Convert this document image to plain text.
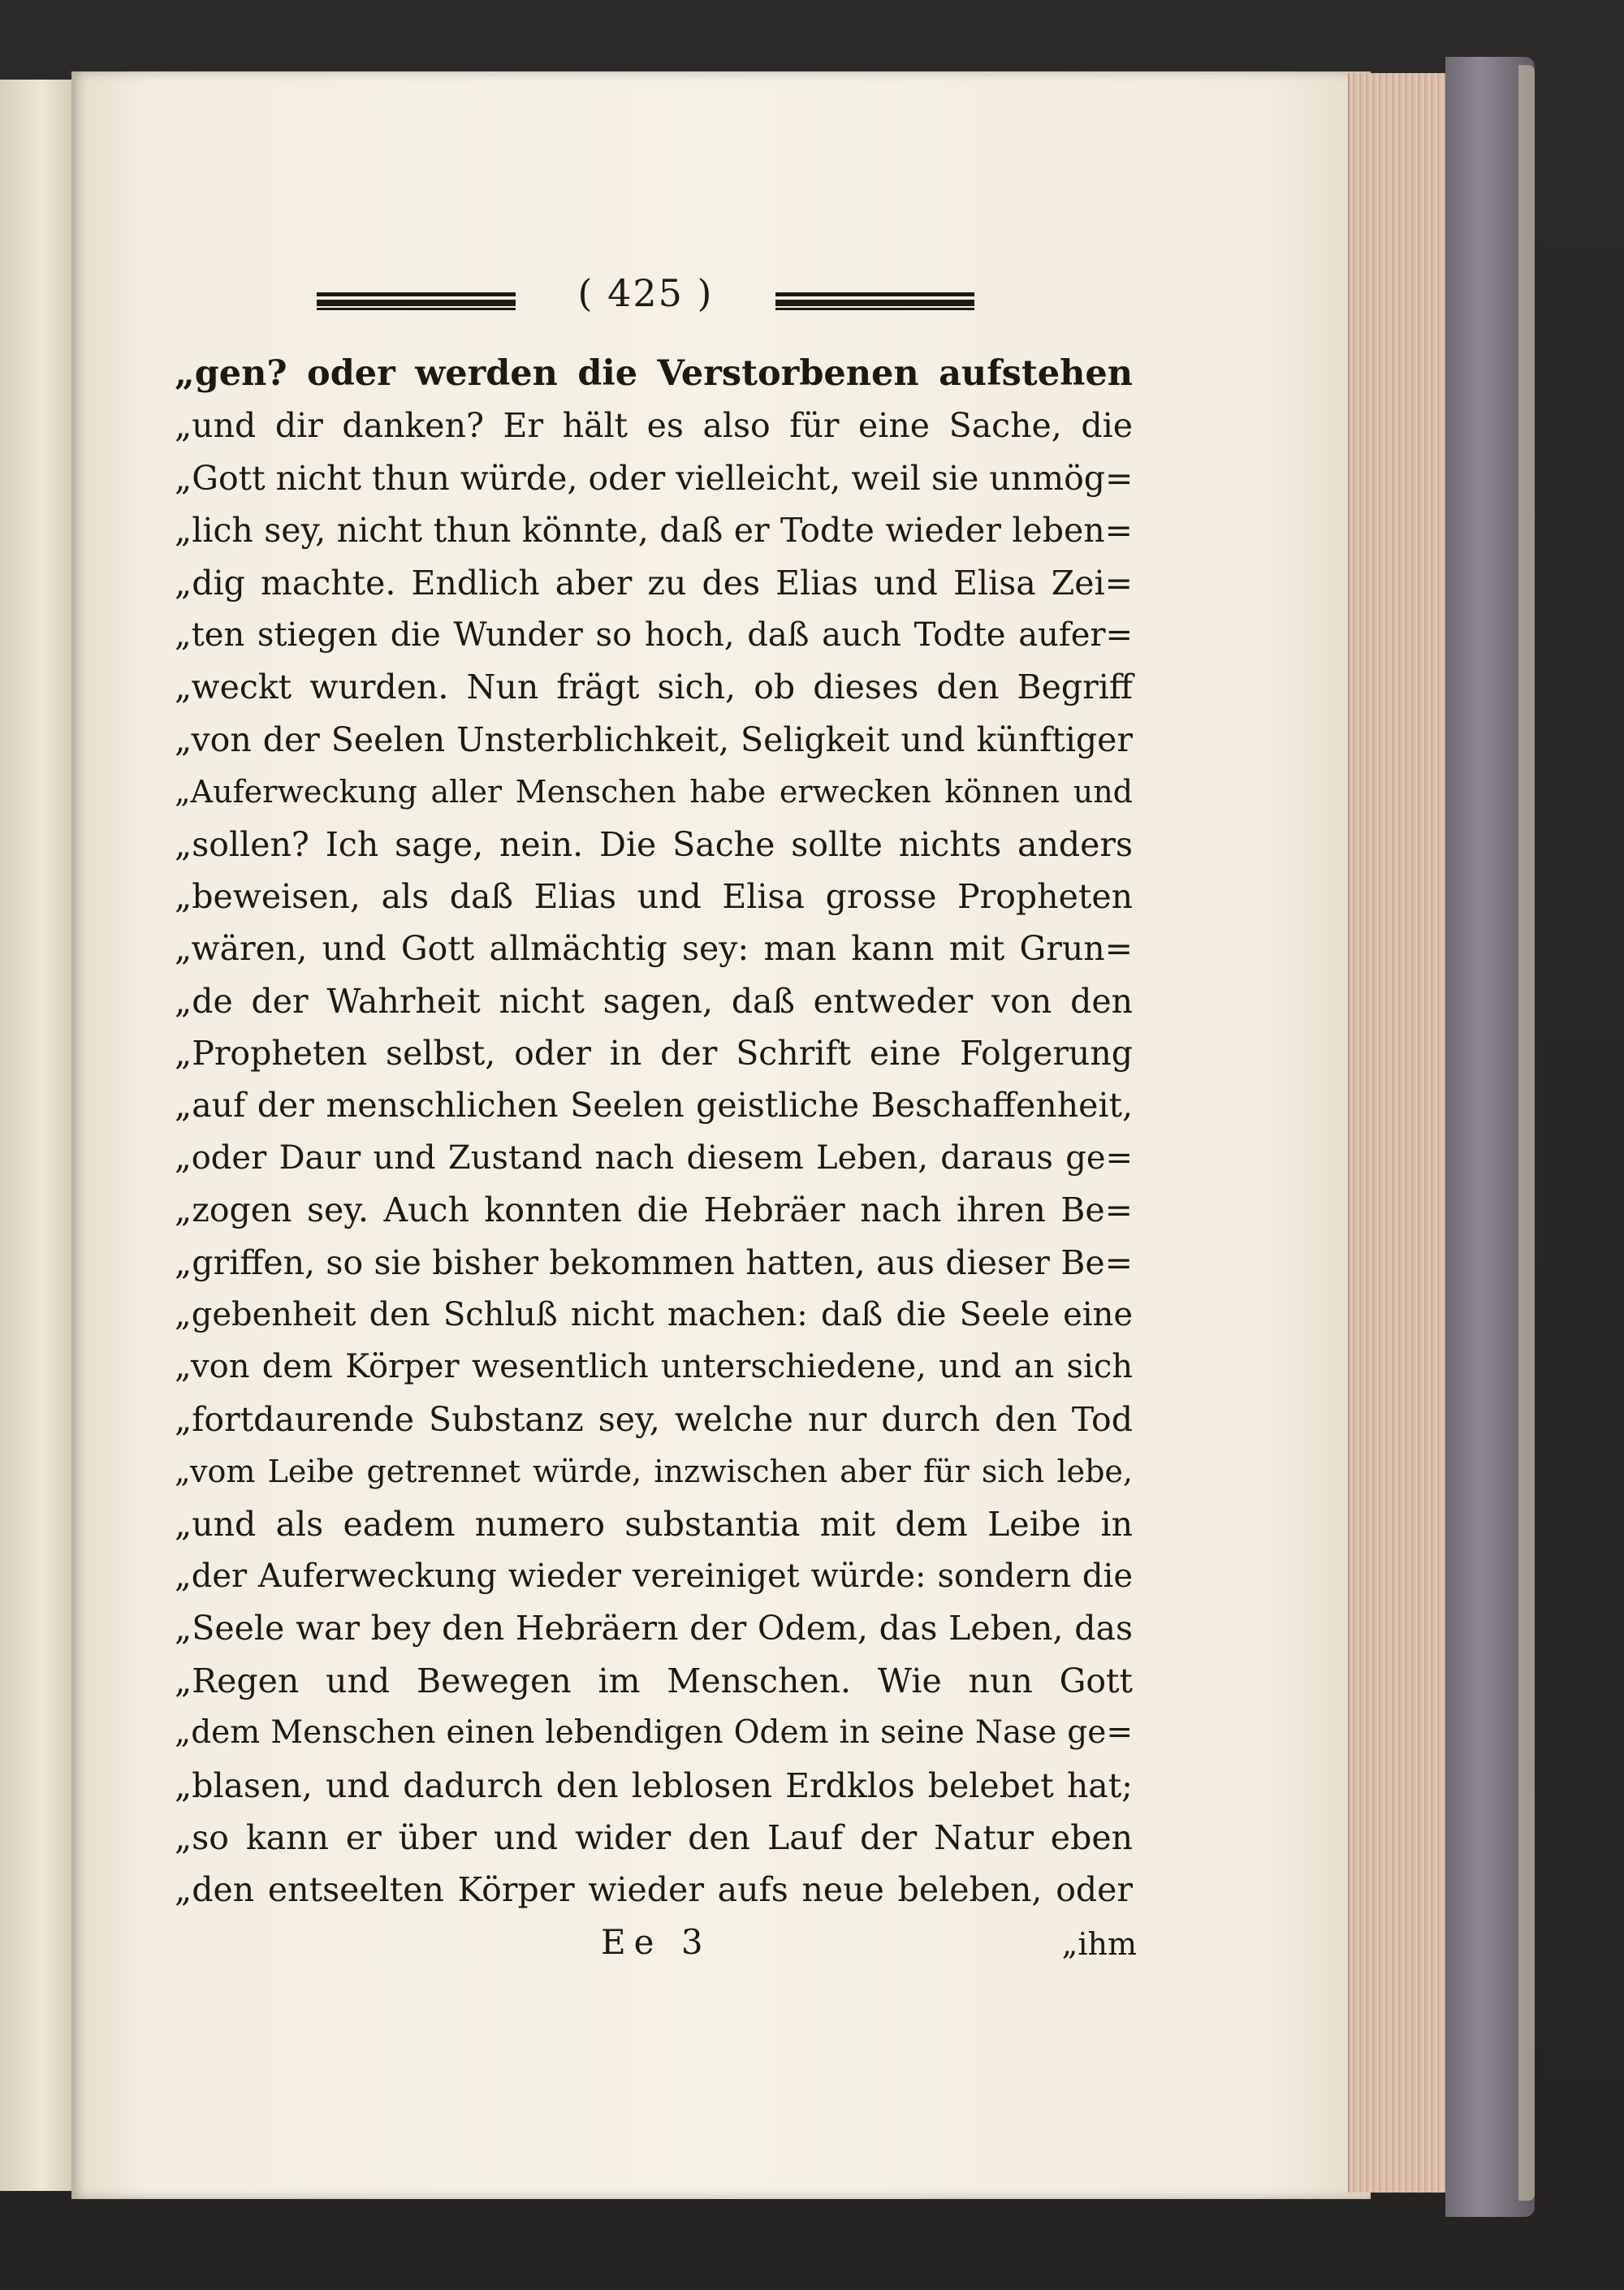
( 425 )
„gen? oder werden die Verstorbenen aufstehen
„und dir danken? Er hält es also für eine Sache, die
„Gott nicht thun würde, oder vielleicht, weil sie unmög=
„lich sey, nicht thun könnte, daß er Todte wieder leben=
„dig machte. Endlich aber zu des Elias und Elisa Zei=
„ten stiegen die Wunder so hoch, daß auch Todte aufer=
„weckt wurden. Nun frägt sich, ob dieses den Begriff
„von der Seelen Unsterblichkeit, Seligkeit und künftiger
„Auferweckung aller Menschen habe erwecken können und
„sollen? Ich sage, nein. Die Sache sollte nichts anders
„beweisen, als daß Elias und Elisa grosse Propheten
„wären, und Gott allmächtig sey: man kann mit Grun=
„de der Wahrheit nicht sagen, daß entweder von den
„Propheten selbst, oder in der Schrift eine Folgerung
„auf der menschlichen Seelen geistliche Beschaffenheit,
„oder Daur und Zustand nach diesem Leben, daraus ge=
„zogen sey. Auch konnten die Hebräer nach ihren Be=
„griffen, so sie bisher bekommen hatten, aus dieser Be=
„gebenheit den Schluß nicht machen: daß die Seele eine
„von dem Körper wesentlich unterschiedene, und an sich
„fortdaurende Substanz sey, welche nur durch den Tod
„vom Leibe getrennet würde, inzwischen aber für sich lebe,
„und als eadem numero substantia mit dem Leibe in
„der Auferweckung wieder vereiniget würde: sondern die
„Seele war bey den Hebräern der Odem, das Leben, das
„Regen und Bewegen im Menschen. Wie nun Gott
„dem Menschen einen lebendigen Odem in seine Nase ge=
„blasen, und dadurch den leblosen Erdklos belebet hat;
„so kann er über und wider den Lauf der Natur eben
„den entseelten Körper wieder aufs neue beleben, oder
Ee 3	„ihm
